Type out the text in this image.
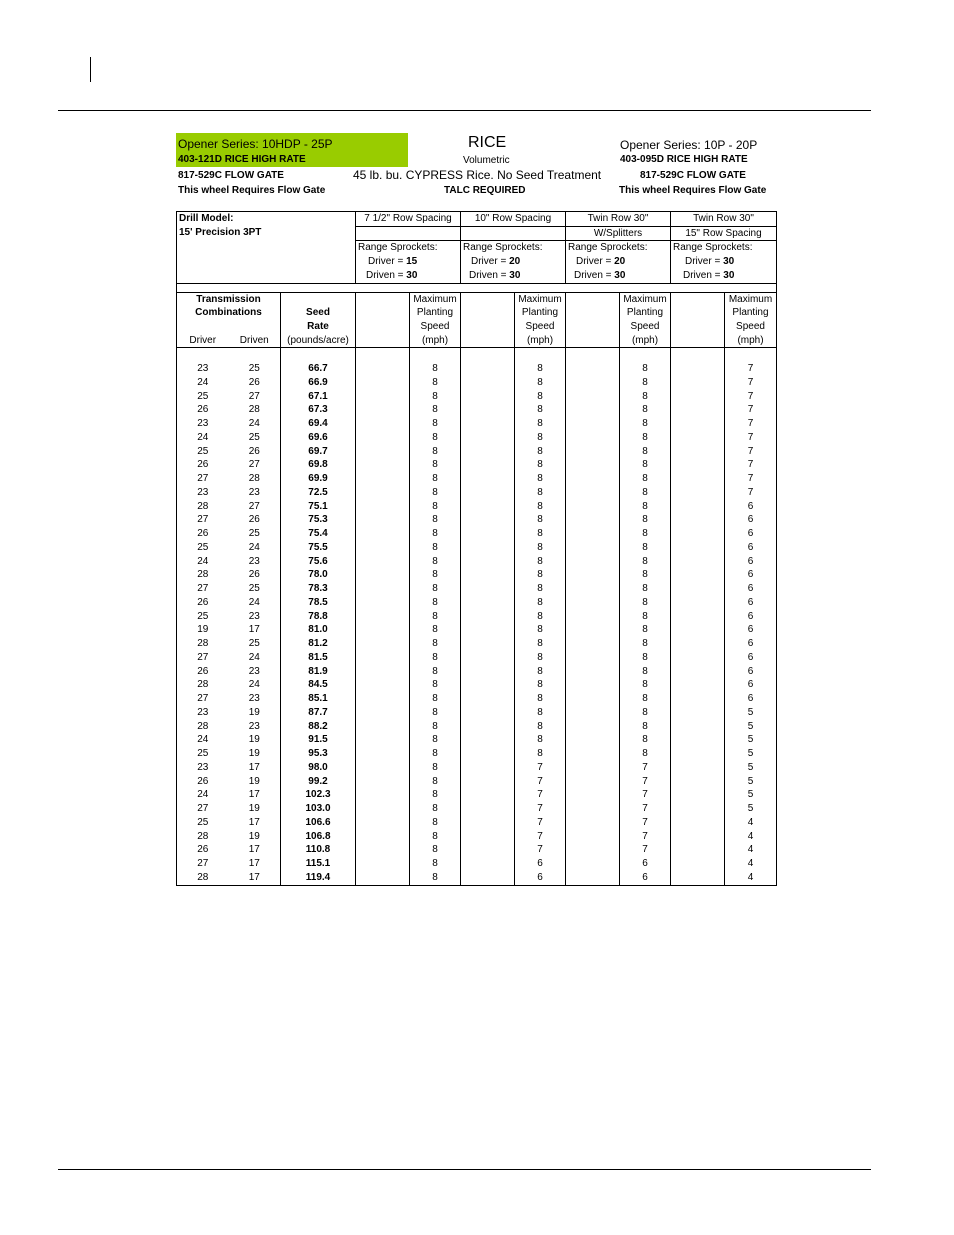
Opener Series: 10HDP - 25P
403-121D RICE HIGH RATE
817-529C FLOW GATE
This wheel Requires Flow Gate
RICE
Volumetric
45 lb. bu. CYPRESS Rice. No Seed Treatment
TALC REQUIRED
Opener Series: 10P - 20P
403-095D RICE HIGH RATE
817-529C FLOW GATE
This wheel Requires Flow Gate
Drill Model:			7 1/2" Row Spacing		10" Row Spacing		Twin Row 30"		Twin Row 30"	
15' Precision 3PT							W/Splitters		15" Row Spacing	
			Range Sprockets:		Range Sprockets:		Range Sprockets:		Range Sprockets:	
			Driver = 15		Driver = 20		Driver = 20		Driver = 30	
			Driven = 30		Driven = 30		Driven = 30		Driven = 30	

Transmission				Maximum		Maximum		Maximum		Maximum
Combinations		Seed		Planting		Planting		Planting		Planting
		Rate		Speed		Speed		Speed		Speed
Driver	Driven	(pounds/acre)		(mph)		(mph)		(mph)		(mph)

23	25	66.7		8		8		8		7
24	26	66.9		8		8		8		7
25	27	67.1		8		8		8		7
26	28	67.3		8		8		8		7
23	24	69.4		8		8		8		7
24	25	69.6		8		8		8		7
25	26	69.7		8		8		8		7
26	27	69.8		8		8		8		7
27	28	69.9		8		8		8		7
23	23	72.5		8		8		8		7
28	27	75.1		8		8		8		6
27	26	75.3		8		8		8		6
26	25	75.4		8		8		8		6
25	24	75.5		8		8		8		6
24	23	75.6		8		8		8		6
28	26	78.0		8		8		8		6
27	25	78.3		8		8		8		6
26	24	78.5		8		8		8		6
25	23	78.8		8		8		8		6
19	17	81.0		8		8		8		6
28	25	81.2		8		8		8		6
27	24	81.5		8		8		8		6
26	23	81.9		8		8		8		6
28	24	84.5		8		8		8		6
27	23	85.1		8		8		8		6
23	19	87.7		8		8		8		5
28	23	88.2		8		8		8		5
24	19	91.5		8		8		8		5
25	19	95.3		8		8		8		5
23	17	98.0		8		7		7		5
26	19	99.2		8		7		7		5
24	17	102.3		8		7		7		5
27	19	103.0		8		7		7		5
25	17	106.6		8		7		7		4
28	19	106.8		8		7		7		4
26	17	110.8		8		7		7		4
27	17	115.1		8		6		6		4
28	17	119.4		8		6		6		4
